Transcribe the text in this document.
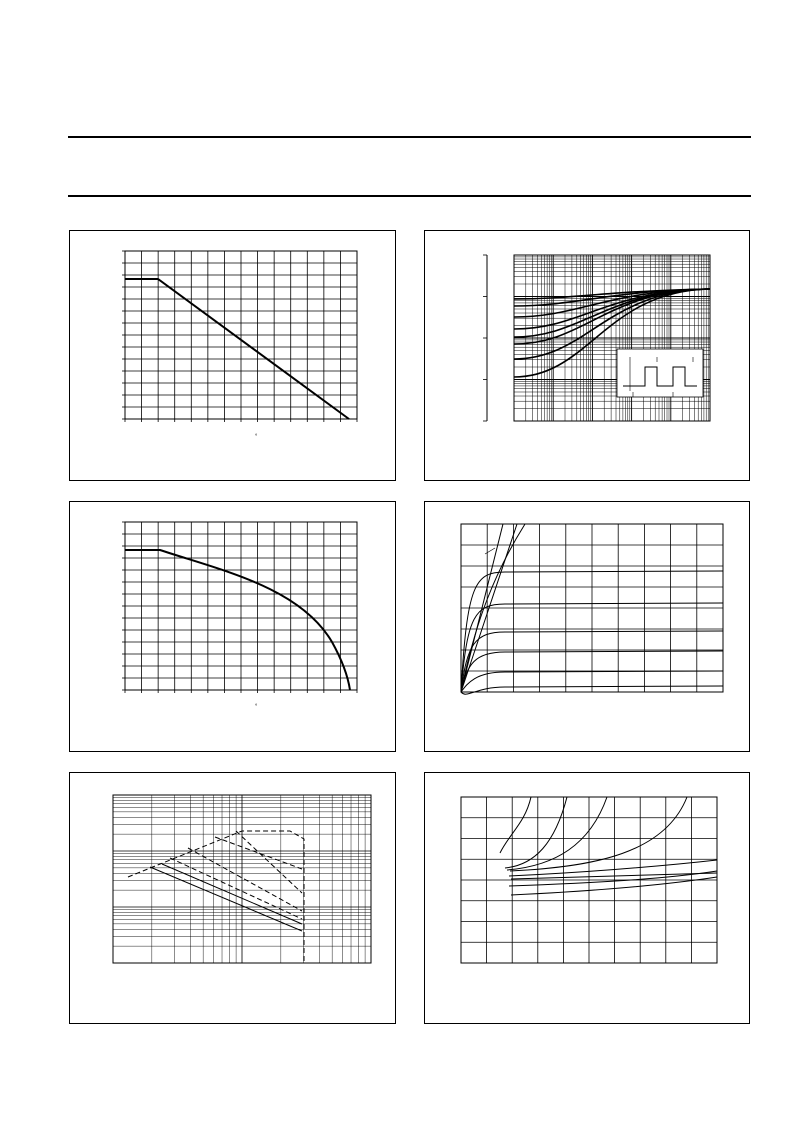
°
°
